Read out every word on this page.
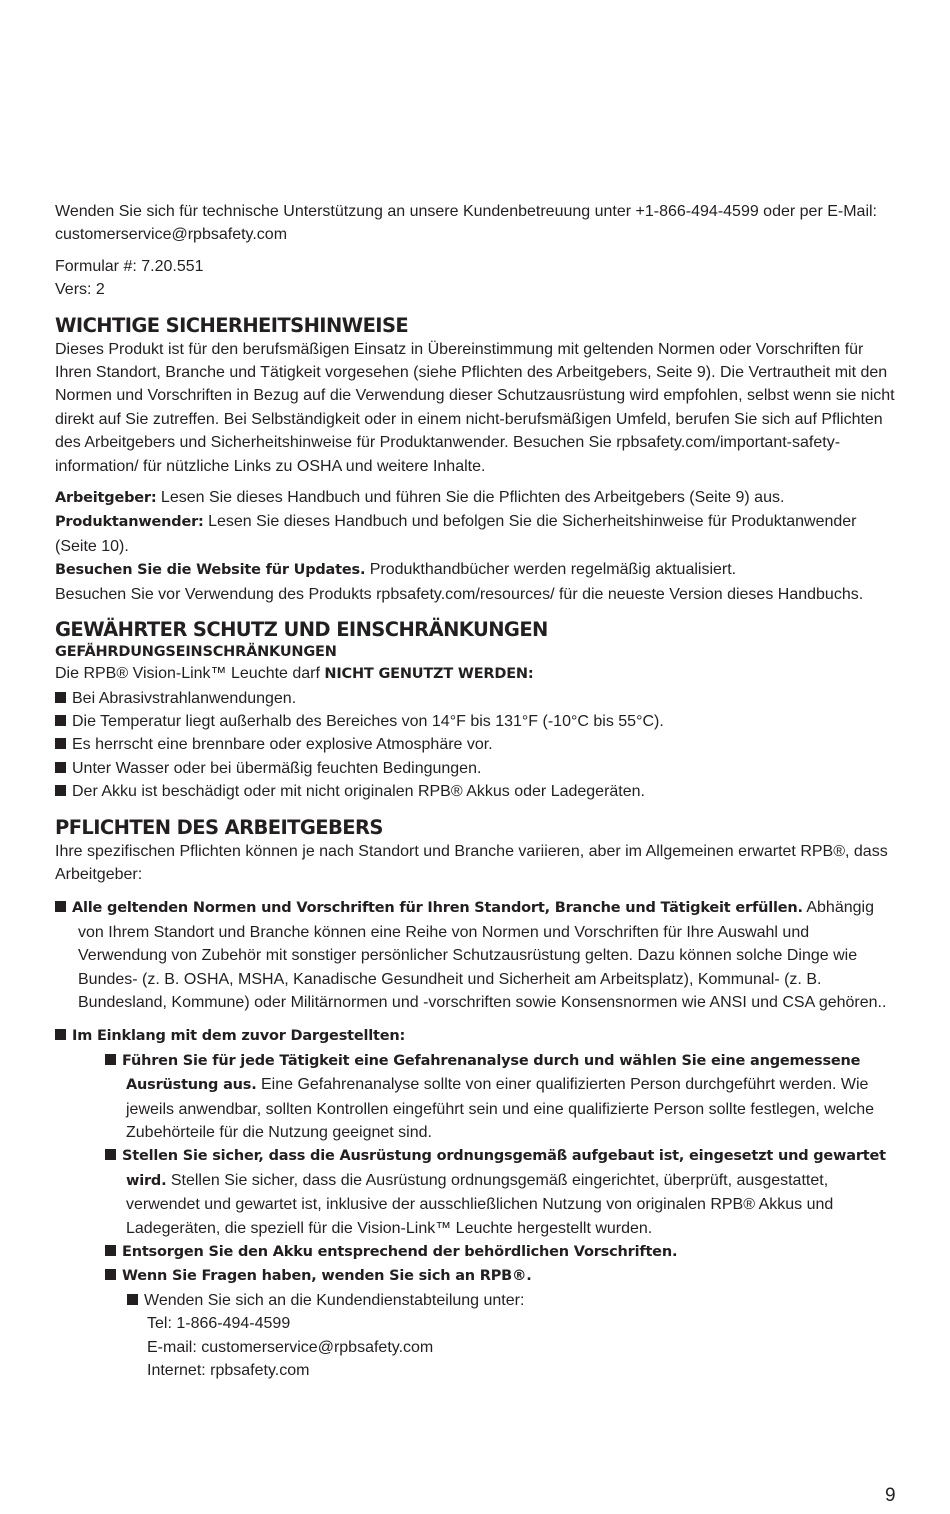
Wenden Sie sich für technische Unterstützung an unsere Kundenbetreuung unter +1-866-494-4599 oder per E-Mail: customerservice@rpbsafety.com

Formular #: 7.20.551

Vers: 2

WICHTIGE SICHERHEITSHINWEISE

Dieses Produkt ist für den berufsmäßigen Einsatz in Übereinstimmung mit geltenden Normen oder Vorschriften für Ihren Standort, Branche und Tätigkeit vorgesehen (siehe Pflichten des Arbeitgebers, Seite 9). Die Vertrautheit mit den Normen und Vorschriften in Bezug auf die Verwendung dieser Schutzausrüstung wird empfohlen, selbst wenn sie nicht direkt auf Sie zutreffen. Bei Selbständigkeit oder in einem nicht-berufsmäßigen Umfeld, berufen Sie sich auf Pflichten des Arbeitgebers und Sicherheitshinweise für Produktanwender. Besuchen Sie rpbsafety.com/important-safety-information/ für nützliche Links zu OSHA und weitere Inhalte.

Arbeitgeber: Lesen Sie dieses Handbuch und führen Sie die Pflichten des Arbeitgebers (Seite 9) aus.

Produktanwender: Lesen Sie dieses Handbuch und befolgen Sie die Sicherheitshinweise für Produktanwender (Seite 10).

Besuchen Sie die Website für Updates. Produkthandbücher werden regelmäßig aktualisiert.

Besuchen Sie vor Verwendung des Produkts rpbsafety.com/resources/ für die neueste Version dieses Handbuchs.

GEWÄHRTER SCHUTZ UND EINSCHRÄNKUNGEN
GEFÄHRDUNGSEINSCHRÄNKUNGEN

Die RPB® Vision-Link™ Leuchte darf NICHT GENUTZT WERDEN:

Bei Abrasivstrahlanwendungen.

Die Temperatur liegt außerhalb des Bereiches von 14°F bis 131°F (-10°C bis 55°C).

Es herrscht eine brennbare oder explosive Atmosphäre vor.

Unter Wasser oder bei übermäßig feuchten Bedingungen.

Der Akku ist beschädigt oder mit nicht originalen RPB® Akkus oder Ladegeräten.

PFLICHTEN DES ARBEITGEBERS

Ihre spezifischen Pflichten können je nach Standort und Branche variieren, aber im Allgemeinen erwartet RPB®, dass Arbeitgeber:

Alle geltenden Normen und Vorschriften für Ihren Standort, Branche und Tätigkeit erfüllen. Abhängig von Ihrem Standort und Branche können eine Reihe von Normen und Vorschriften für Ihre Auswahl und Verwendung von Zubehör mit sonstiger persönlicher Schutzausrüstung gelten. Dazu können solche Dinge wie Bundes- (z. B. OSHA, MSHA, Kanadische Gesundheit und Sicherheit am Arbeitsplatz), Kommunal- (z. B. Bundesland, Kommune) oder Militärnormen und -vorschriften sowie Konsensnormen wie ANSI und CSA gehören..

Im Einklang mit dem zuvor Dargestellten:

Führen Sie für jede Tätigkeit eine Gefahrenanalyse durch und wählen Sie eine angemessene Ausrüstung aus. Eine Gefahrenanalyse sollte von einer qualifizierten Person durchgeführt werden. Wie jeweils anwendbar, sollten Kontrollen eingeführt sein und eine qualifizierte Person sollte festlegen, welche Zubehörteile für die Nutzung geeignet sind.

Stellen Sie sicher, dass die Ausrüstung ordnungsgemäß aufgebaut ist, eingesetzt und gewartet wird. Stellen Sie sicher, dass die Ausrüstung ordnungsgemäß eingerichtet, überprüft, ausgestattet, verwendet und gewartet ist, inklusive der ausschließlichen Nutzung von originalen RPB® Akkus und Ladegeräten, die speziell für die Vision-Link™ Leuchte hergestellt wurden.

Entsorgen Sie den Akku entsprechend der behördlichen Vorschriften.

Wenn Sie Fragen haben, wenden Sie sich an RPB®.

Wenden Sie sich an die Kundendienstabteilung unter:

Tel: 1-866-494-4599

E-mail: customerservice@rpbsafety.com

Internet: rpbsafety.com

9
